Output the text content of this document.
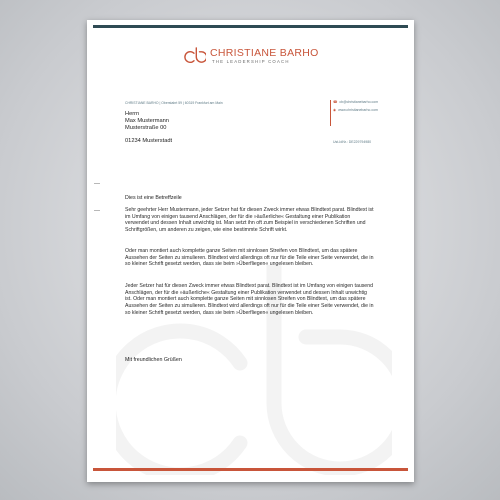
CHRISTIANE BARHO
THE LEADERSHIP COACH
CHRISTIANE BARHO | Oberstabrt 59 | 60319 Frankfurt am Main
Herrn
Max Mustermann
Musterstraße 00
01234 Musterstadt
☎ cb@christianebarho.com
◉ www.christianebarho.com
Ust-IdNr.: DE229794980
Dies ist eine Betreffzeile

Sehr geehrter Herr Mustermann, jeder Setzer hat für diesen Zweck immer etwas Blindtext parat. Blindtext ist im Umfang von einigen tausend Anschlägen, der für die »äußerliche« Gestaltung einer Publikation verwendet und dessen Inhalt unwichtig ist. Man setzt ihn oft zum Beispiel in verschiedenen Schriften und Schriftgrößen, um anderen zu zeigen, wie eine bestimmte Schrift wirkt.

Oder man montiert auch komplette ganze Seiten mit sinnlosen Streifen von Blindtext, um das spätere Aussehen der Seiten zu simulieren. Blindtext wird allerdings oft nur für die Teile einer Seite verwendet, die in so kleiner Schrift gesetzt werden, dass sie beim »Überfliegen« ungelesen bleiben.

Jeder Setzer hat für diesen Zweck immer etwas Blindtext parat. Blindtext ist im Umfang von einigen tausend Anschlägen, der für die »äußerliche« Gestaltung einer Publikation verwendet und dessen Inhalt unwichtig ist. Oder man montiert auch komplette ganze Seiten mit sinnlosen Streifen von Blindtext, um das spätere Aussehen der Seiten zu simulieren. Blindtext wird allerdings oft nur für die Teile einer Seite verwendet, die in so kleiner Schrift gesetzt werden, dass sie beim »Überfliegen« ungelesen bleiben.

Mit freundlichen Grüßen
